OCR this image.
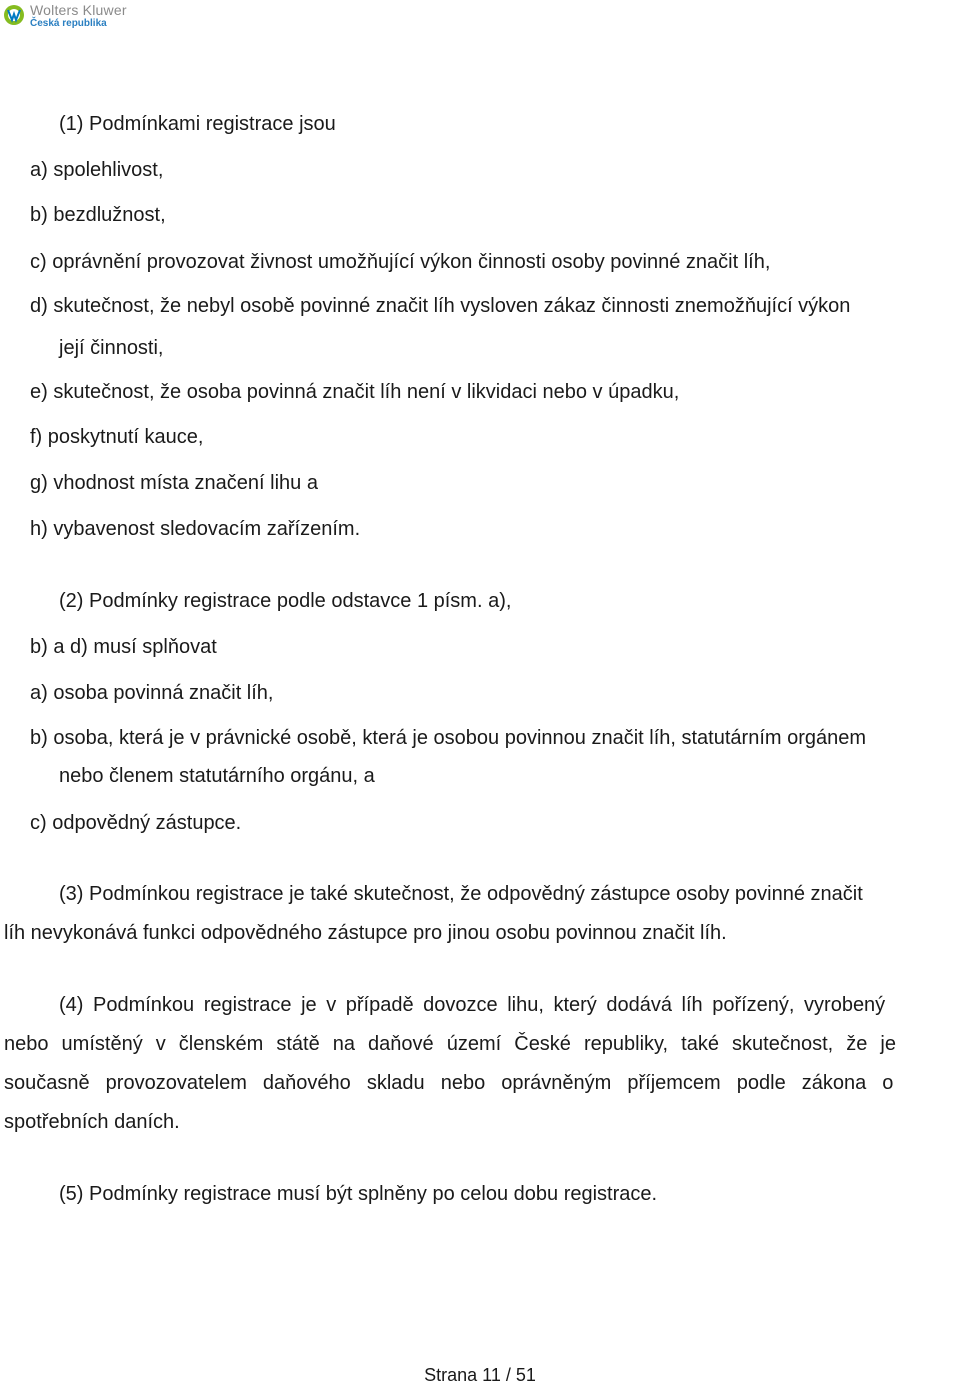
Wolters Kluwer
Česká republika
(1) Podmínkami registrace jsou
a) spolehlivost,
b) bezdlužnost,
c) oprávnění provozovat živnost umožňující výkon činnosti osoby povinné značit líh,
d) skutečnost, že nebyl osobě povinné značit líh vysloven zákaz činnosti znemožňující výkon
její činnosti,
e) skutečnost, že osoba povinná značit líh není v likvidaci nebo v úpadku,
f) poskytnutí kauce,
g) vhodnost místa značení lihu a
h) vybavenost sledovacím zařízením.
(2) Podmínky registrace podle odstavce 1 písm. a),
b) a d) musí splňovat
a) osoba povinná značit líh,
b) osoba, která je v právnické osobě, která je osobou povinnou značit líh, statutárním orgánem
nebo členem statutárního orgánu, a
c) odpovědný zástupce.
(3) Podmínkou registrace je také skutečnost, že odpovědný zástupce osoby povinné značit
líh nevykonává funkci odpovědného zástupce pro jinou osobu povinnou značit líh.
(4) Podmínkou registrace je v případě dovozce lihu, který dodává líh pořízený, vyrobený
nebo umístěný v členském státě na daňové území České republiky, také skutečnost, že je
současně provozovatelem daňového skladu nebo oprávněným příjemcem podle zákona o
spotřebních daních.
(5) Podmínky registrace musí být splněny po celou dobu registrace.
Strana 11 / 51
